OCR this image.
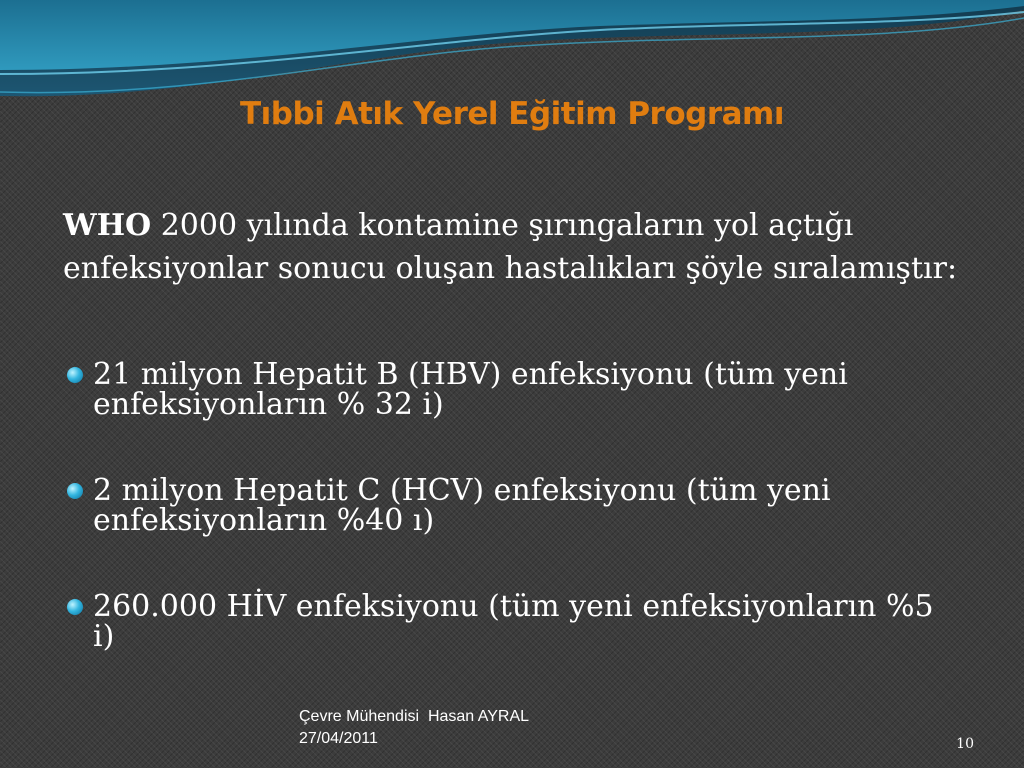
Tıbbi Atık Yerel Eğitim Programı
WHO 2000 yılında kontamine şırıngaların yol açtığı enfeksiyonlar sonucu oluşan hastalıkları şöyle sıralamıştır:
21 milyon Hepatit B (HBV) enfeksiyonu (tüm yeni enfeksiyonların % 32 i)
2 milyon Hepatit C (HCV) enfeksiyonu (tüm yeni enfeksiyonların %40 ı)
260.000 HİV enfeksiyonu (tüm yeni enfeksiyonların %5 i)
Çevre Mühendisi  Hasan AYRAL
27/04/2011	10
